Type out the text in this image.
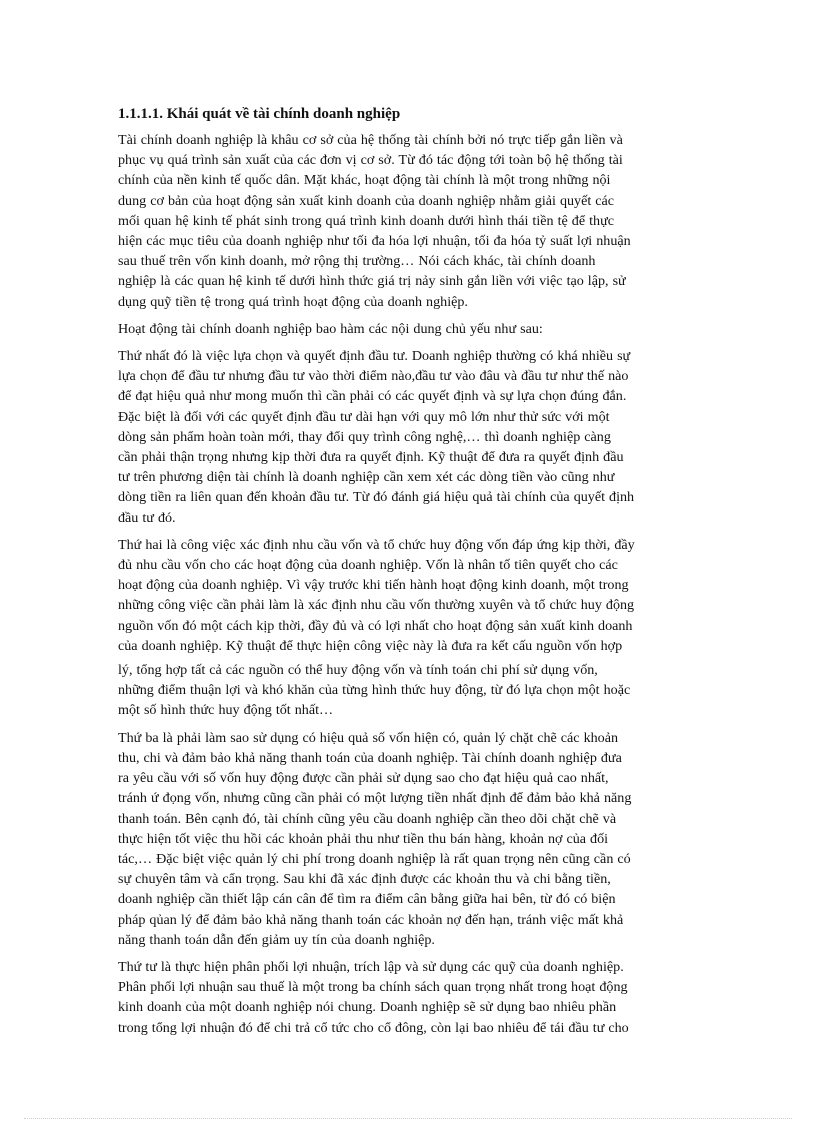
1.1.1.1. Khái quát về tài chính doanh nghiệp
Tài chính doanh nghiệp là khâu cơ sở của hệ thống tài chính bởi nó trực tiếp gắn liền và
phục vụ quá trình sản xuất của các đơn vị cơ sở. Từ đó tác động tới toàn bộ hệ thống tài
chính của nền kinh tế quốc dân. Mặt khác, hoạt động tài chính là một trong những nội
dung cơ bản của hoạt động sản xuất kinh doanh của doanh nghiệp nhằm giải quyết các
mối quan hệ kinh tế phát sinh trong quá trình kinh doanh dưới hình thái tiền tệ để thực
hiện các mục tiêu của doanh nghiệp như tối đa hóa lợi nhuận, tối đa hóa tỷ suất lợi nhuận
sau thuế trên vốn kinh doanh, mở rộng thị trường… Nói cách khác, tài chính doanh
nghiệp là các quan hệ kinh tế dưới hình thức giá trị nảy sinh gắn liền với việc tạo lập, sử
dụng quỹ tiền tệ trong quá trình hoạt động của doanh nghiệp.
Hoạt động tài chính doanh nghiệp bao hàm các nội dung chủ yếu như sau:
Thứ nhất đó là việc lựa chọn và quyết định đầu tư. Doanh nghiệp thường có khá nhiều sự
lựa chọn để đầu tư nhưng đầu tư vào thời điểm nào,đầu tư vào đâu và đầu tư như thế nào
để đạt hiệu quả như mong muốn thì cần phải có các quyết định và sự lựa chọn đúng đắn.
Đặc biệt là đối với các quyết định đầu tư dài hạn với quy mô lớn như thử sức với một
dòng sản phẩm hoàn toàn mới, thay đổi quy trình công nghệ,… thì doanh nghiệp càng
cần phải thận trọng nhưng kịp thời đưa ra quyết định. Kỹ thuật để đưa ra quyết định đầu
tư trên phương diện tài chính là doanh nghiệp cần xem xét các dòng tiền vào cũng như
dòng tiền ra liên quan đến khoản đầu tư. Từ đó đánh giá hiệu quả tài chính của quyết định
đầu tư đó.
Thứ hai là công việc xác định nhu cầu vốn và tổ chức huy động vốn đáp ứng kịp thời, đầy
đủ nhu cầu vốn cho các hoạt động của doanh nghiệp. Vốn là nhân tố tiên quyết cho các
hoạt động của doanh nghiệp. Vì vậy trước khi tiến hành hoạt động kinh doanh, một trong
những công việc cần phải làm là xác định nhu cầu vốn thường xuyên và tổ chức huy động
nguồn vốn đó một cách kịp thời, đầy đủ và có lợi nhất cho hoạt động sản xuất kinh doanh
của doanh nghiệp. Kỹ thuật để thực hiện công việc này là đưa ra kết cấu nguồn vốn hợp
lý, tổng hợp tất cả các nguồn có thể huy động vốn và tính toán chi phí sử dụng vốn,
những điểm thuận lợi và khó khăn của từng hình thức huy động, từ đó lựa chọn một hoặc
một số hình thức huy động tốt nhất…
Thứ ba là phải làm sao sử dụng có hiệu quả số vốn hiện có, quản lý chặt chẽ các khoản
thu, chi và đảm bảo khả năng thanh toán của doanh nghiệp. Tài chính doanh nghiệp đưa
ra yêu cầu với số vốn huy động được cần phải sử dụng sao cho đạt hiệu quả cao nhất,
tránh ứ đọng vốn, nhưng cũng cần phải có một lượng tiền nhất định để đảm bảo khả năng
thanh toán. Bên cạnh đó, tài chính cũng yêu cầu doanh nghiệp cần theo dõi chặt chẽ và
thực hiện tốt việc thu hồi các khoản phải thu như tiền thu bán hàng, khoản nợ của đối
tác,… Đặc biệt việc quản lý chi phí trong doanh nghiệp là rất quan trọng nên cũng cần có
sự chuyên tâm và cẩn trọng. Sau khi đã xác định được các khoản thu và chi bằng tiền,
doanh nghiệp cần thiết lập cán cân để tìm ra điểm cân bằng giữa hai bên, từ đó có biện
pháp qủan lý để đảm bảo khả năng thanh toán các khoản nợ đến hạn, tránh việc mất khả
năng thanh toán dẫn đến giảm uy tín của doanh nghiệp.
Thứ tư là thực hiện phân phối lợi nhuận, trích lập và sử dụng các quỹ của doanh nghiệp.
Phân phối lợi nhuận sau thuế là một trong ba chính sách quan trọng nhất trong hoạt động
kinh doanh của một doanh nghiệp nói chung. Doanh nghiệp sẽ sử dụng bao nhiêu phần
trong tổng lợi nhuận đó để chi trả cổ tức cho cổ đông, còn lại bao nhiêu để tái đầu tư cho
